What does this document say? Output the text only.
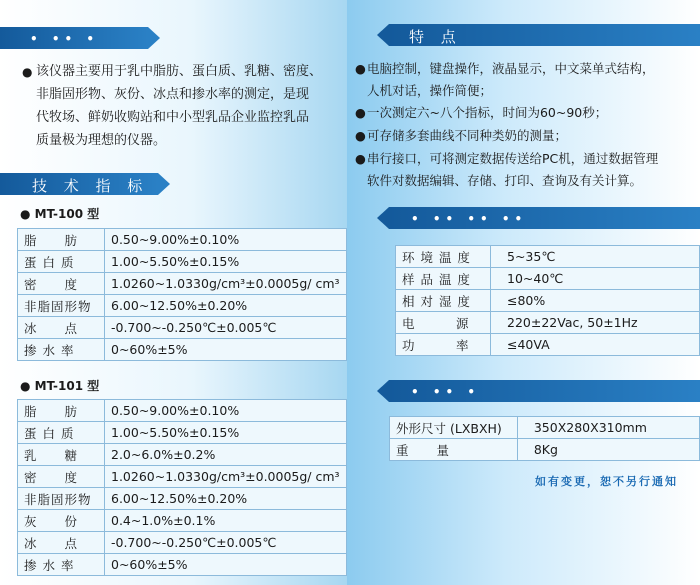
• •• •
● 该仪器主要用于乳中脂肪、蛋白质、乳糖、密度、
非脂固形物、灰份、冰点和掺水率的测定，是现
代牧场、鲜奶收购站和中小型乳品企业监控乳品
质量极为理想的仪器。
技 术 指 标
● MT-100 型
脂　　肪	0.50~9.00%±0.10%
蛋 白 质	1.00~5.50%±0.15%
密　　度	1.0260~1.0330g/cm³±0.0005g/ cm³
非脂固形物	6.00~12.50%±0.20%
冰　　点	-0.700~-0.250℃±0.005℃
掺 水 率	0~60%±5%
● MT-101 型
脂　　肪	0.50~9.00%±0.10%
蛋 白 质	1.00~5.50%±0.15%
乳　　糖	2.0~6.0%±0.2%
密　　度	1.0260~1.0330g/cm³±0.0005g/ cm³
非脂固形物	6.00~12.50%±0.20%
灰　　份	0.4~1.0%±0.1%
冰　　点	-0.700~-0.250℃±0.005℃
掺 水 率	0~60%±5%
特 点
● 电脑控制，键盘操作，液晶显示，中文菜单式结构，
人机对话，操作简便；
● 一次测定六~八个指标，时间为60~90秒；
● 可存储多套曲线不同种类奶的测量；
● 串行接口，可将测定数据传送给PC机，通过数据管理
软件对数据编辑、存储、打印、查询及有关计算。
• •• •• ••
环 境 温 度	5~35℃
样 品 温 度	10~40℃
相 对 湿 度	≤80%
电　　　源	220±22Vac, 50±1Hz
功　　　率	≤40VA
• •• •
外形尺寸 (LXBXH)	350X280X310mm
重　　量	8Kg
如有变更，恕不另行通知
